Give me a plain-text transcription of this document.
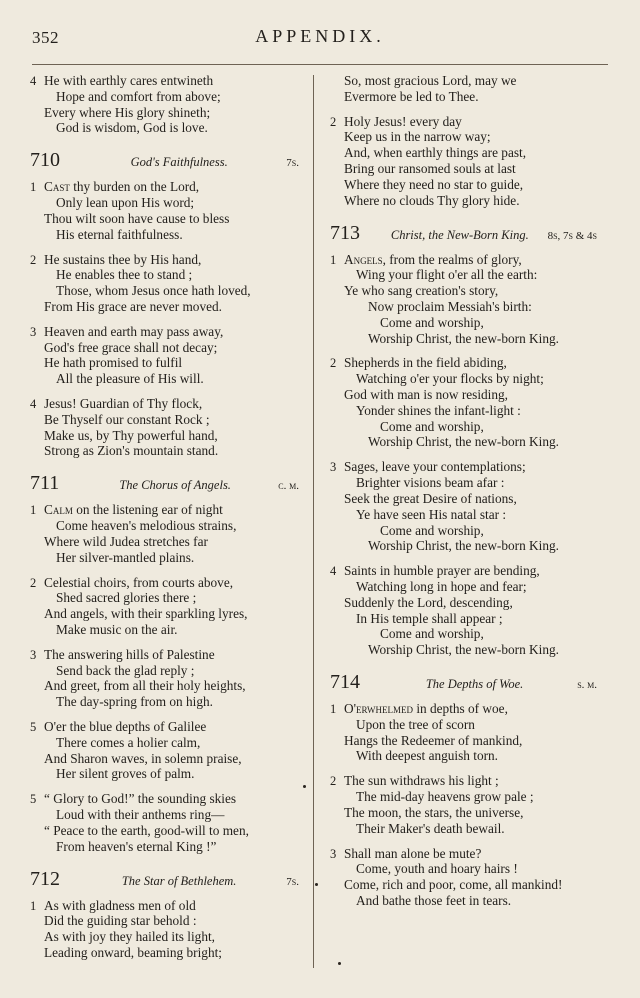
352	APPENDIX.
4 He with earthly cares entwineth
Hope and comfort from above;
Every where His glory shineth;
God is wisdom, God is love.
710	God's Faithfulness.	7s.
1 Cast thy burden on the Lord,
Only lean upon His word;
Thou wilt soon have cause to bless
His eternal faithfulness.
2 He sustains thee by His hand,
He enables thee to stand ;
Those, whom Jesus once hath loved,
From His grace are never moved.
3 Heaven and earth may pass away,
God's free grace shall not decay;
He hath promised to fulfil
All the pleasure of His will.
4 Jesus! Guardian of Thy flock,
Be Thyself our constant Rock ;
Make us, by Thy powerful hand,
Strong as Zion's mountain stand.
711	The Chorus of Angels.	c. m.
1 Calm on the listening ear of night
Come heaven's melodious strains,
Where wild Judea stretches far
Her silver-mantled plains.
2 Celestial choirs, from courts above,
Shed sacred glories there ;
And angels, with their sparkling lyres,
Make music on the air.
3 The answering hills of Palestine
Send back the glad reply ;
And greet, from all their holy heights,
The day-spring from on high.
5 O'er the blue depths of Galilee
There comes a holier calm,
And Sharon waves, in solemn praise,
Her silent groves of palm.
5 “ Glory to God!” the sounding skies
Loud with their anthems ring—
“ Peace to the earth, good-will to men,
From heaven's eternal King !”
712	The Star of Bethlehem.	7s.
1 As with gladness men of old
Did the guiding star behold :
As with joy they hailed its light,
Leading onward, beaming bright;
So, most gracious Lord, may we
Evermore be led to Thee.
2 Holy Jesus! every day
Keep us in the narrow way;
And, when earthly things are past,
Bring our ransomed souls at last
Where they need no star to guide,
Where no clouds Thy glory hide.
713	Christ, the New-Born King.	8s, 7s & 4s
1 Angels, from the realms of glory,
Wing your flight o'er all the earth:
Ye who sang creation's story,
Now proclaim Messiah's birth:
Come and worship,
Worship Christ, the new-born King.
2 Shepherds in the field abiding,
Watching o'er your flocks by night;
God with man is now residing,
Yonder shines the infant-light :
Come and worship,
Worship Christ, the new-born King.
3 Sages, leave your contemplations;
Brighter visions beam afar :
Seek the great Desire of nations,
Ye have seen His natal star :
Come and worship,
Worship Christ, the new-born King.
4 Saints in humble prayer are bending,
Watching long in hope and fear;
Suddenly the Lord, descending,
In His temple shall appear ;
Come and worship,
Worship Christ, the new-born King.
714	The Depths of Woe.	s. m.
1 O'erwhelmed in depths of woe,
Upon the tree of scorn
Hangs the Redeemer of mankind,
With deepest anguish torn.
2 The sun withdraws his light ;
The mid-day heavens grow pale ;
The moon, the stars, the universe,
Their Maker's death bewail.
3 Shall man alone be mute?
Come, youth and hoary hairs !
Come, rich and poor, come, all mankind!
And bathe those feet in tears.
